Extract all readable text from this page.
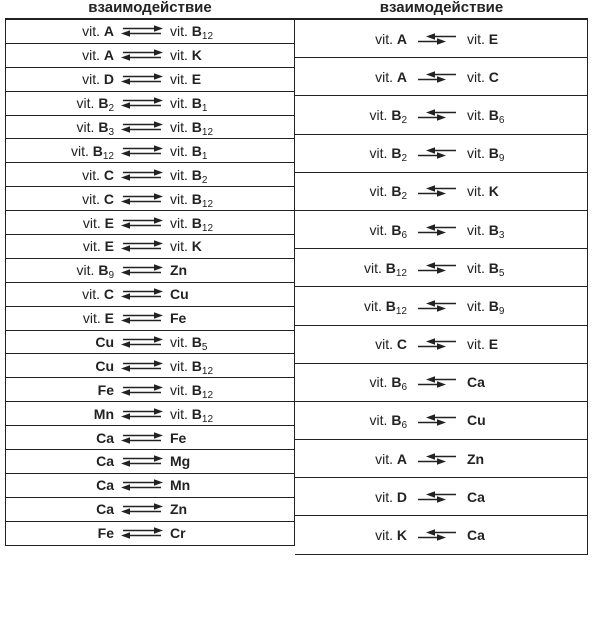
взаимодействие
vit. A	vit. $B_{12}$
vit. A	vit. K
vit. D	vit. E
vit. $B_2$	vit. $B_1$
vit. $B_3$	vit. $B_{12}$
vit. $B_{12}$	vit. $B_1$
vit. C	vit. $B_2$
vit. C	vit. $B_{12}$
vit. E	vit. $B_{12}$
vit. E	vit. K
vit. $B_9$	Zn
vit. C	Cu
vit. E	Fe
Cu	vit. $B_5$
Cu	vit. $B_{12}$
Fe	vit. $B_{12}$
Mn	vit. $B_{12}$
Ca	Fe
Ca	Mg
Ca	Mn
Ca	Zn
Fe	Cr
взаимодействие
vit. A	vit. E
vit. A	vit. C
vit. $B_2$	vit. $B_6$
vit. $B_2$	vit. $B_9$
vit. $B_2$	vit. K
vit. $B_6$	vit. $B_3$
vit. $B_{12}$	vit. $B_5$
vit. $B_{12}$	vit. $B_9$
vit. C	vit. E
vit. $B_6$	Ca
vit. $B_6$	Cu
vit. A	Zn
vit. D	Ca
vit. K	Ca
